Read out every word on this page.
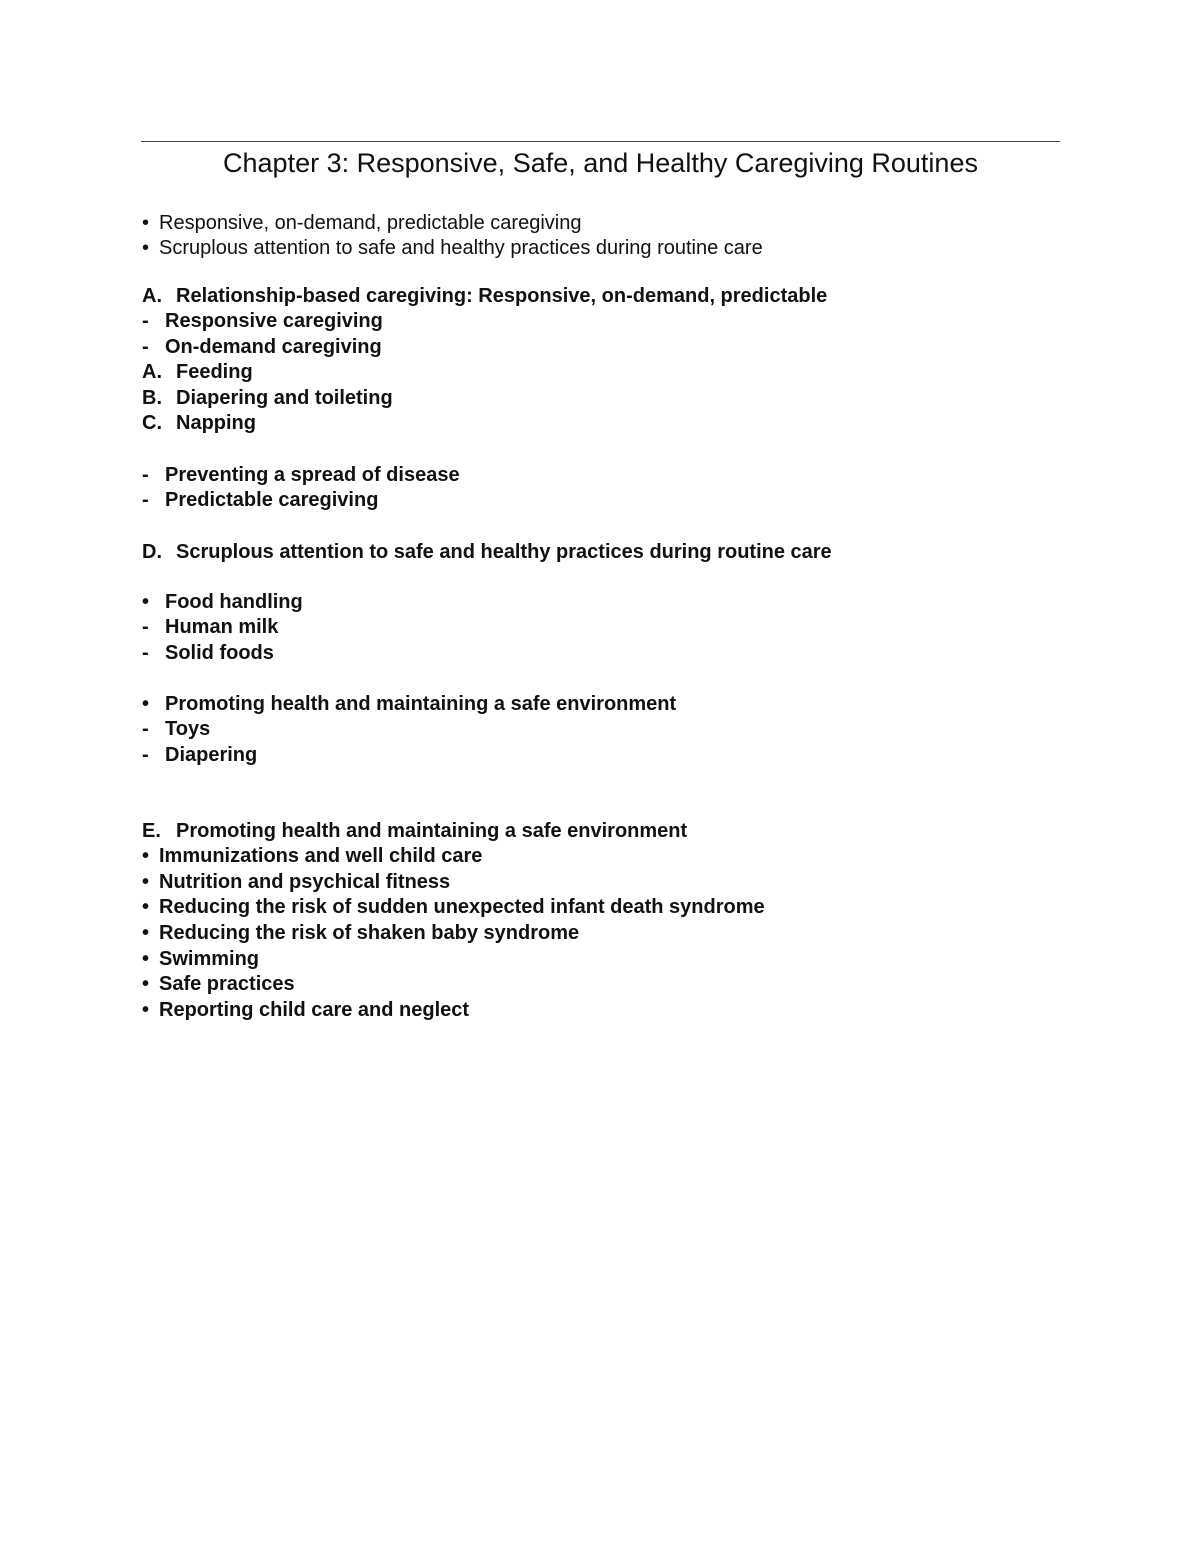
Chapter 3: Responsive, Safe, and Healthy Caregiving Routines
• Responsive, on-demand, predictable caregiving
• Scruplous attention to safe and healthy practices during routine care
A. Relationship-based caregiving: Responsive, on-demand, predictable
- Responsive caregiving
- On-demand caregiving
A. Feeding
B. Diapering and toileting
C. Napping
- Preventing a spread of disease
- Predictable caregiving
D. Scruplous attention to safe and healthy practices during routine care
• Food handling
- Human milk
- Solid foods
• Promoting health and maintaining a safe environment
- Toys
- Diapering
E. Promoting health and maintaining a safe environment
• Immunizations and well child care
• Nutrition and psychical fitness
• Reducing the risk of sudden unexpected infant death syndrome
• Reducing the risk of shaken baby syndrome
• Swimming
• Safe practices
• Reporting child care and neglect
